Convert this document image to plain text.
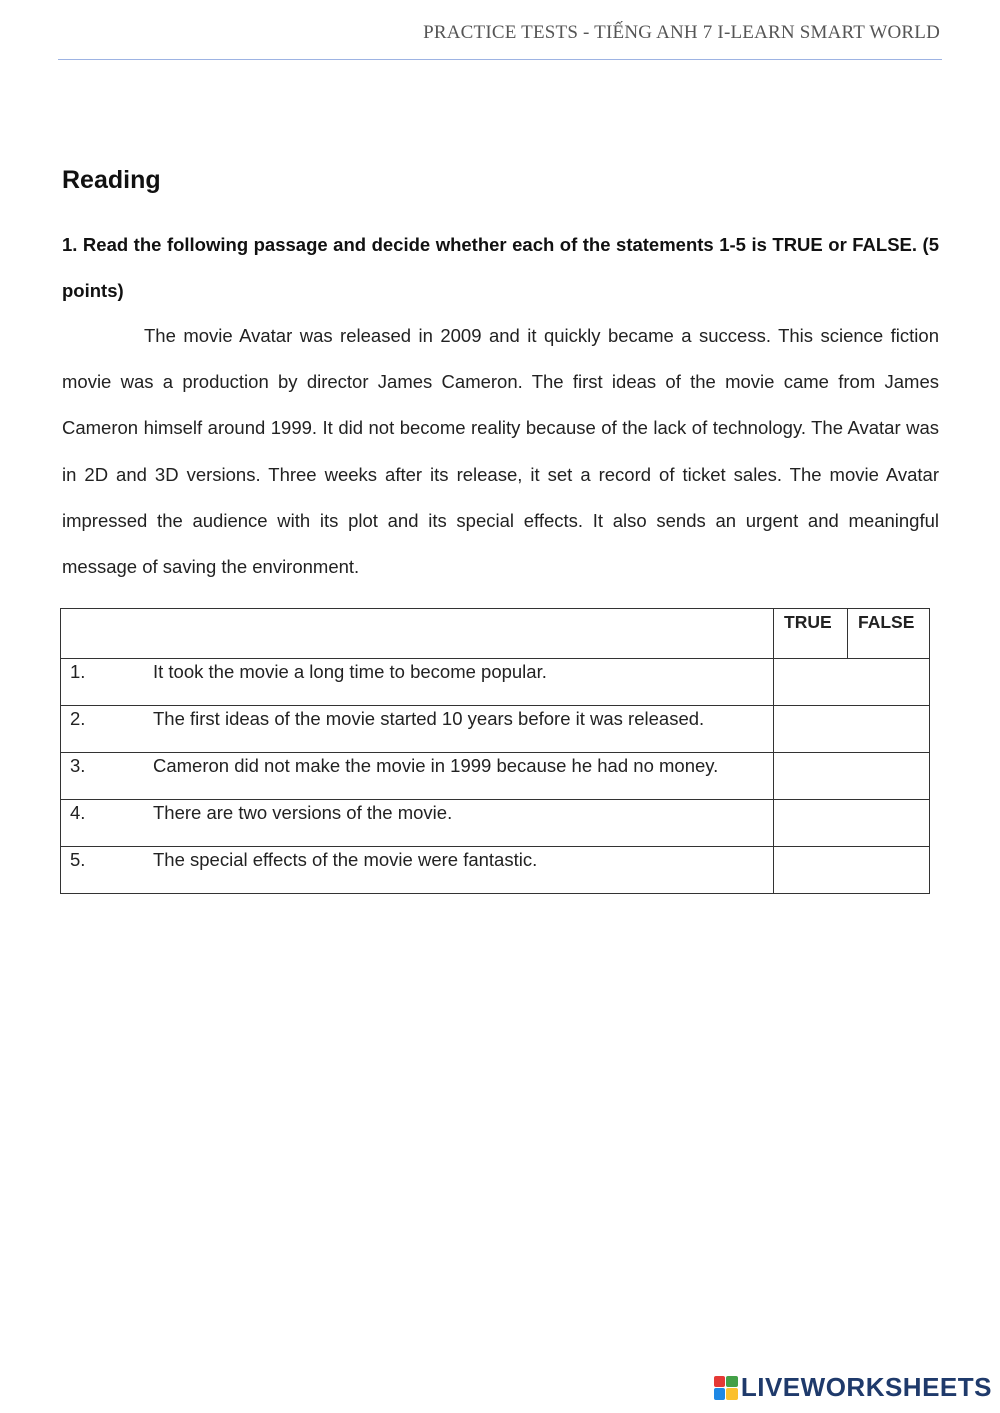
PRACTICE TESTS - TIẾNG ANH 7 I-LEARN SMART WORLD
Reading
1. Read the following passage and decide whether each of the statements 1-5 is TRUE or FALSE. (5 points)

The movie Avatar was released in 2009 and it quickly became a success. This science fiction movie was a production by director James Cameron. The first ideas of the movie came from James Cameron himself around 1999. It did not become reality because of the lack of technology. The Avatar was in 2D and 3D versions. Three weeks after its release, it set a record of ticket sales. The movie Avatar impressed the audience with its plot and its special effects. It also sends an urgent and meaningful message of saving the environment.

	TRUE	FALSE

1. It took the movie a long time to become popular.		

2. The first ideas of the movie started 10 years before it was released.		

3. Cameron did not make the movie in 1999 because he had no money.		

4. There are two versions of the movie.		

5. The special effects of the movie were fantastic.		

LIVEWORKSHEETS
